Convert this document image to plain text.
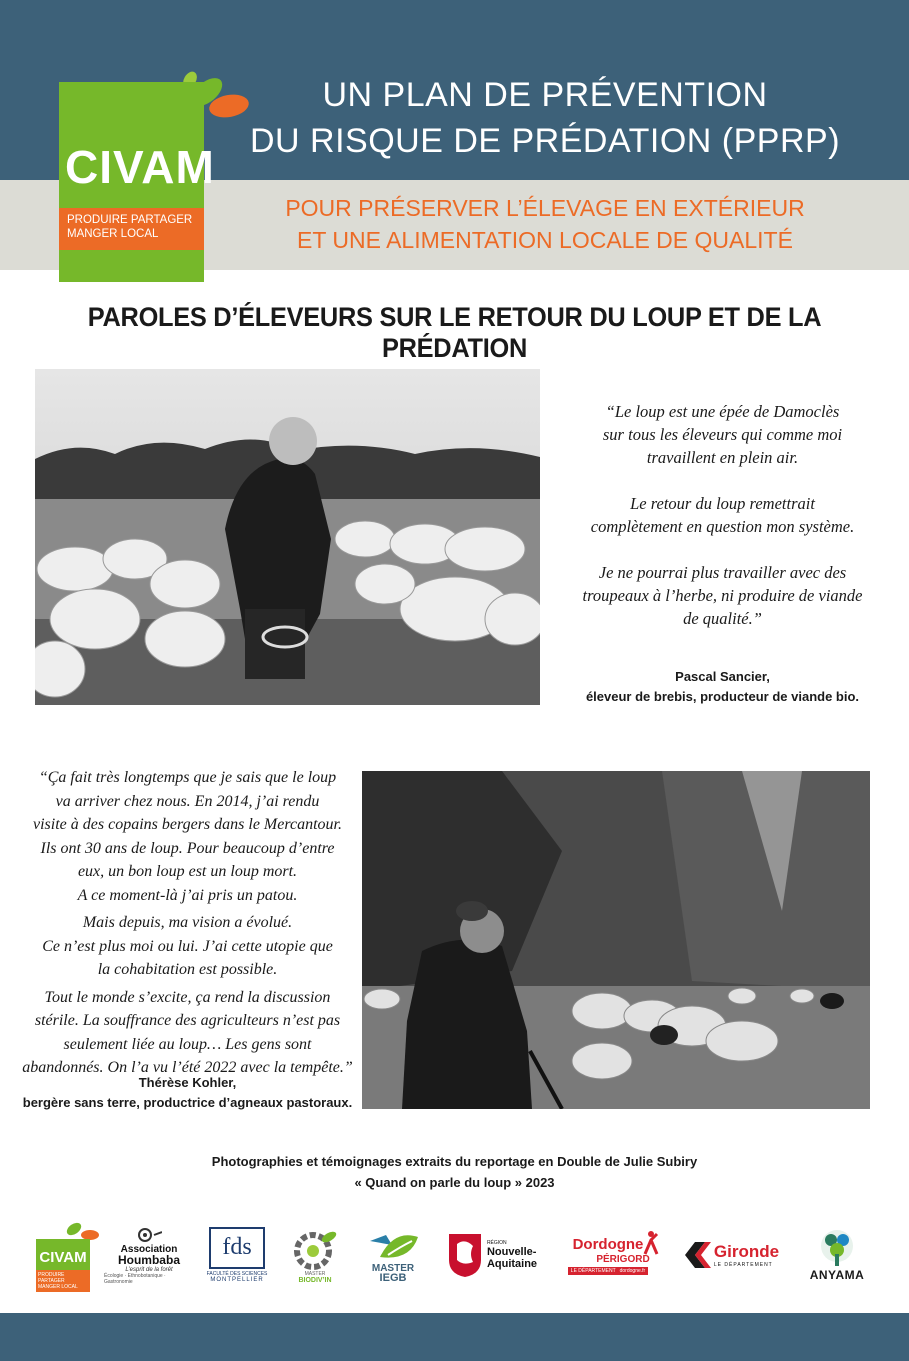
CIVAM
PRODUIRE PARTAGER
MANGER LOCAL
UN PLAN DE PRÉVENTION
DU RISQUE DE PRÉDATION (PPRP)
POUR PRÉSERVER L’ÉLEVAGE EN EXTÉRIEUR
ET UNE ALIMENTATION LOCALE DE QUALITÉ
PAROLES D’ÉLEVEURS SUR LE RETOUR DU LOUP ET DE LA PRÉDATION

“Le loup est une épée de Damoclès

sur tous les éleveurs qui comme moi

travaillent en plein air.

Le retour du loup remettrait

complètement en question mon système.

Je ne pourrai plus travailler avec des

troupeaux à l’herbe, ni produire de viande

de qualité.”

Pascal Sancier,
éleveur de brebis, producteur de viande bio.

“Ça fait très longtemps que je sais que le loup

va arriver chez nous. En 2014, j’ai rendu

visite à des copains bergers dans le Mercantour.

Ils ont 30 ans de loup. Pour beaucoup d’entre

eux, un bon loup est un loup mort.

A ce moment-là j’ai pris un patou.

Mais depuis, ma vision a évolué.

Ce n’est plus moi ou lui. J’ai cette utopie que

la cohabitation est possible.

Tout le monde s’excite, ça rend la discussion

stérile. La souffrance des agriculteurs n’est pas

seulement liée au loup… Les gens sont

abandonnés. On l’a vu l’été 2022 avec la tempête.”

Thérèse Kohler,
bergère sans terre, productrice d’agneaux pastoraux.
Photographies et témoignages extraits du reportage en Double de Julie Subiry
« Quand on parle du loup » 2023
CIVAM
PRODUIRE PARTAGER
MANGER LOCAL
Association
Houmbaba
L’esprit de la forêt
Écologie · Ethnobotanique · Gastronomie
fds
FACULTÉ DES SCIENCES
MONTPELLIER
MASTER
BIODIV’IN
MASTER
IEGB
RÉGION
Nouvelle-
Aquitaine
Dordogne
PÉRIGORD
LE DÉPARTEMENT dordogne.fr
Gironde
LE DÉPARTEMENT
ANYAMA
